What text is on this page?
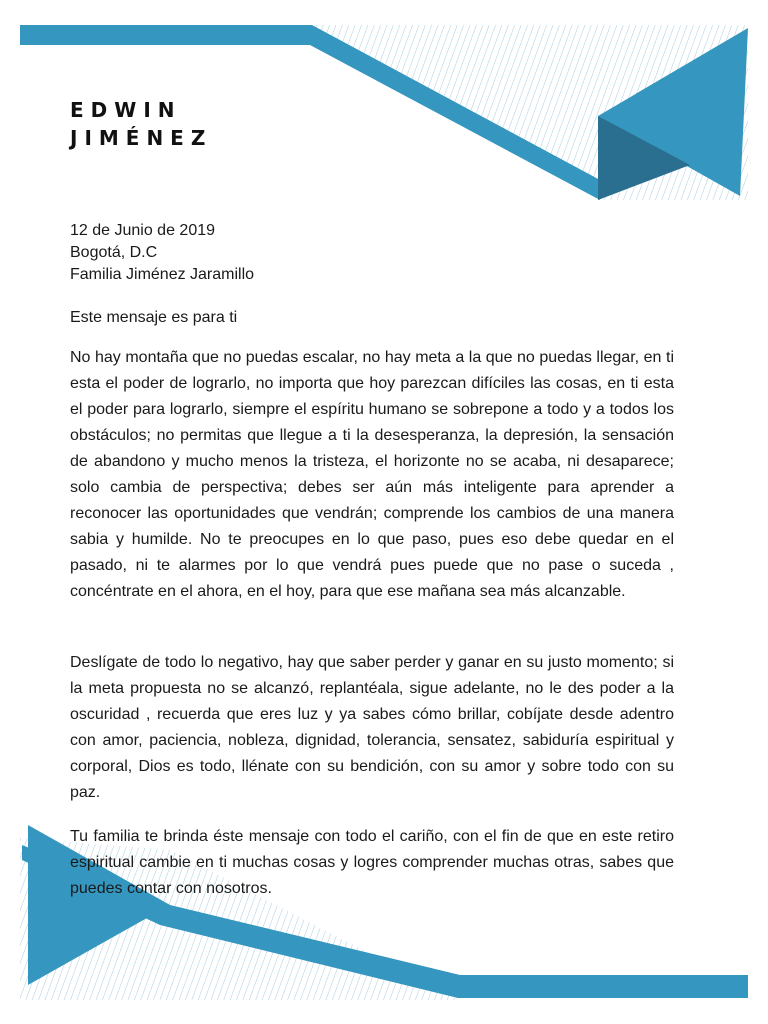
EDWIN
JIMÉNEZ
12 de Junio de 2019
Bogotá, D.C
Familia Jiménez Jaramillo
Este mensaje es para ti

No hay montaña que no puedas escalar, no hay meta a la que no puedas llegar, en ti esta el poder de lograrlo, no importa que hoy parezcan difíciles las cosas, en ti esta el poder para lograrlo, siempre el espíritu humano se sobrepone a todo y a todos los obstáculos; no permitas que llegue a ti la desesperanza, la depresión, la sensación de abandono y mucho menos la tristeza, el horizonte no se acaba, ni desaparece; solo cambia de perspectiva; debes ser aún más inteligente para aprender a reconocer las oportunidades que vendrán; comprende los cambios de una manera sabia y humilde. No te preocupes en lo que paso, pues eso debe quedar en el pasado, ni te alarmes por lo que vendrá pues puede que no pase o suceda , concéntrate en el ahora, en el hoy, para que ese mañana sea más alcanzable.

Deslígate de todo lo negativo, hay que saber perder y ganar en su justo momento; si la meta propuesta no se alcanzó, replantéala, sigue adelante, no le des poder a la oscuridad , recuerda que eres luz y ya sabes cómo brillar, cobíjate desde adentro con amor, paciencia, nobleza, dignidad, tolerancia, sensatez, sabiduría espiritual y corporal, Dios es todo, llénate con su bendición, con su amor y sobre todo con su paz.

Tu familia te brinda éste mensaje con todo el cariño, con el fin de que en este retiro espiritual cambie en ti muchas cosas y logres comprender muchas otras, sabes que puedes contar con nosotros.
